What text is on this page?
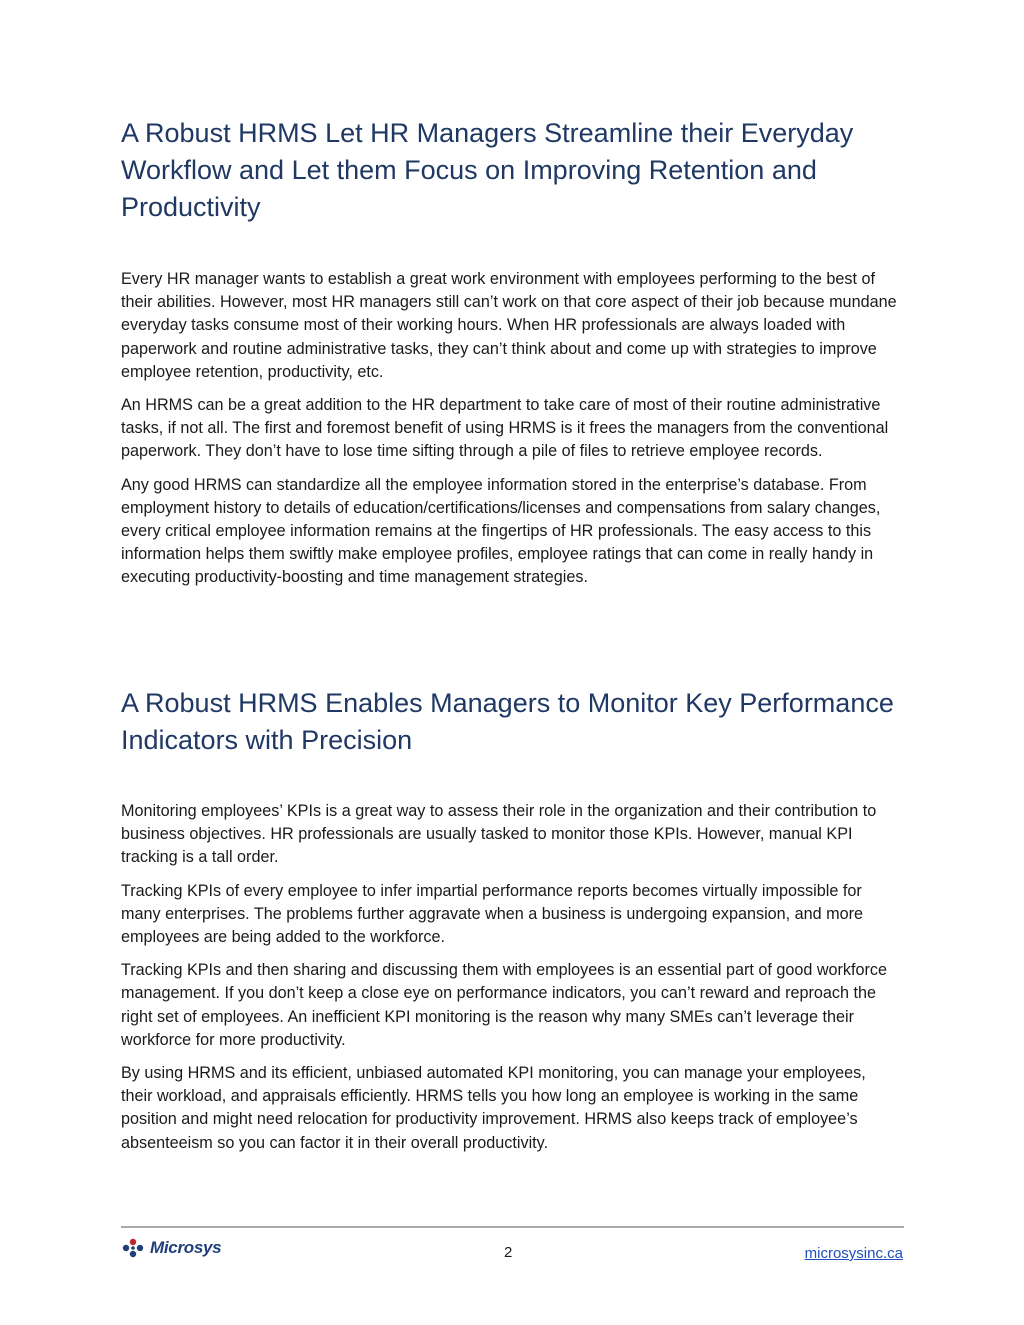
A Robust HRMS Let HR Managers Streamline their Everyday Workflow and Let them Focus on Improving Retention and Productivity

Every HR manager wants to establish a great work environment with employees performing to the best of their abilities. However, most HR managers still can’t work on that core aspect of their job because mundane everyday tasks consume most of their working hours. When HR professionals are always loaded with paperwork and routine administrative tasks, they can’t think about and come up with strategies to improve employee retention, productivity, etc.

An HRMS can be a great addition to the HR department to take care of most of their routine administrative tasks, if not all. The first and foremost benefit of using HRMS is it frees the managers from the conventional paperwork. They don’t have to lose time sifting through a pile of files to retrieve employee records.

Any good HRMS can standardize all the employee information stored in the enterprise’s database. From employment history to details of education/certifications/licenses and compensations from salary changes, every critical employee information remains at the fingertips of HR professionals. The easy access to this information helps them swiftly make employee profiles, employee ratings that can come in really handy in executing productivity-boosting and time management strategies.

A Robust HRMS Enables Managers to Monitor Key Performance Indicators with Precision

Monitoring employees’ KPIs is a great way to assess their role in the organization and their contribution to business objectives. HR professionals are usually tasked to monitor those KPIs. However, manual KPI tracking is a tall order.

Tracking KPIs of every employee to infer impartial performance reports becomes virtually impossible for many enterprises. The problems further aggravate when a business is undergoing expansion, and more employees are being added to the workforce.

Tracking KPIs and then sharing and discussing them with employees is an essential part of good workforce management. If you don’t keep a close eye on performance indicators, you can’t reward and reproach the right set of employees. An inefficient KPI monitoring is the reason why many SMEs can’t leverage their workforce for more productivity.

By using HRMS and its efficient, unbiased automated KPI monitoring, you can manage your employees, their workload, and appraisals efficiently. HRMS tells you how long an employee is working in the same position and might need relocation for productivity improvement. HRMS also keeps track of employee’s absenteeism so you can factor it in their overall productivity.

Microsys	2	microsysinc.ca
